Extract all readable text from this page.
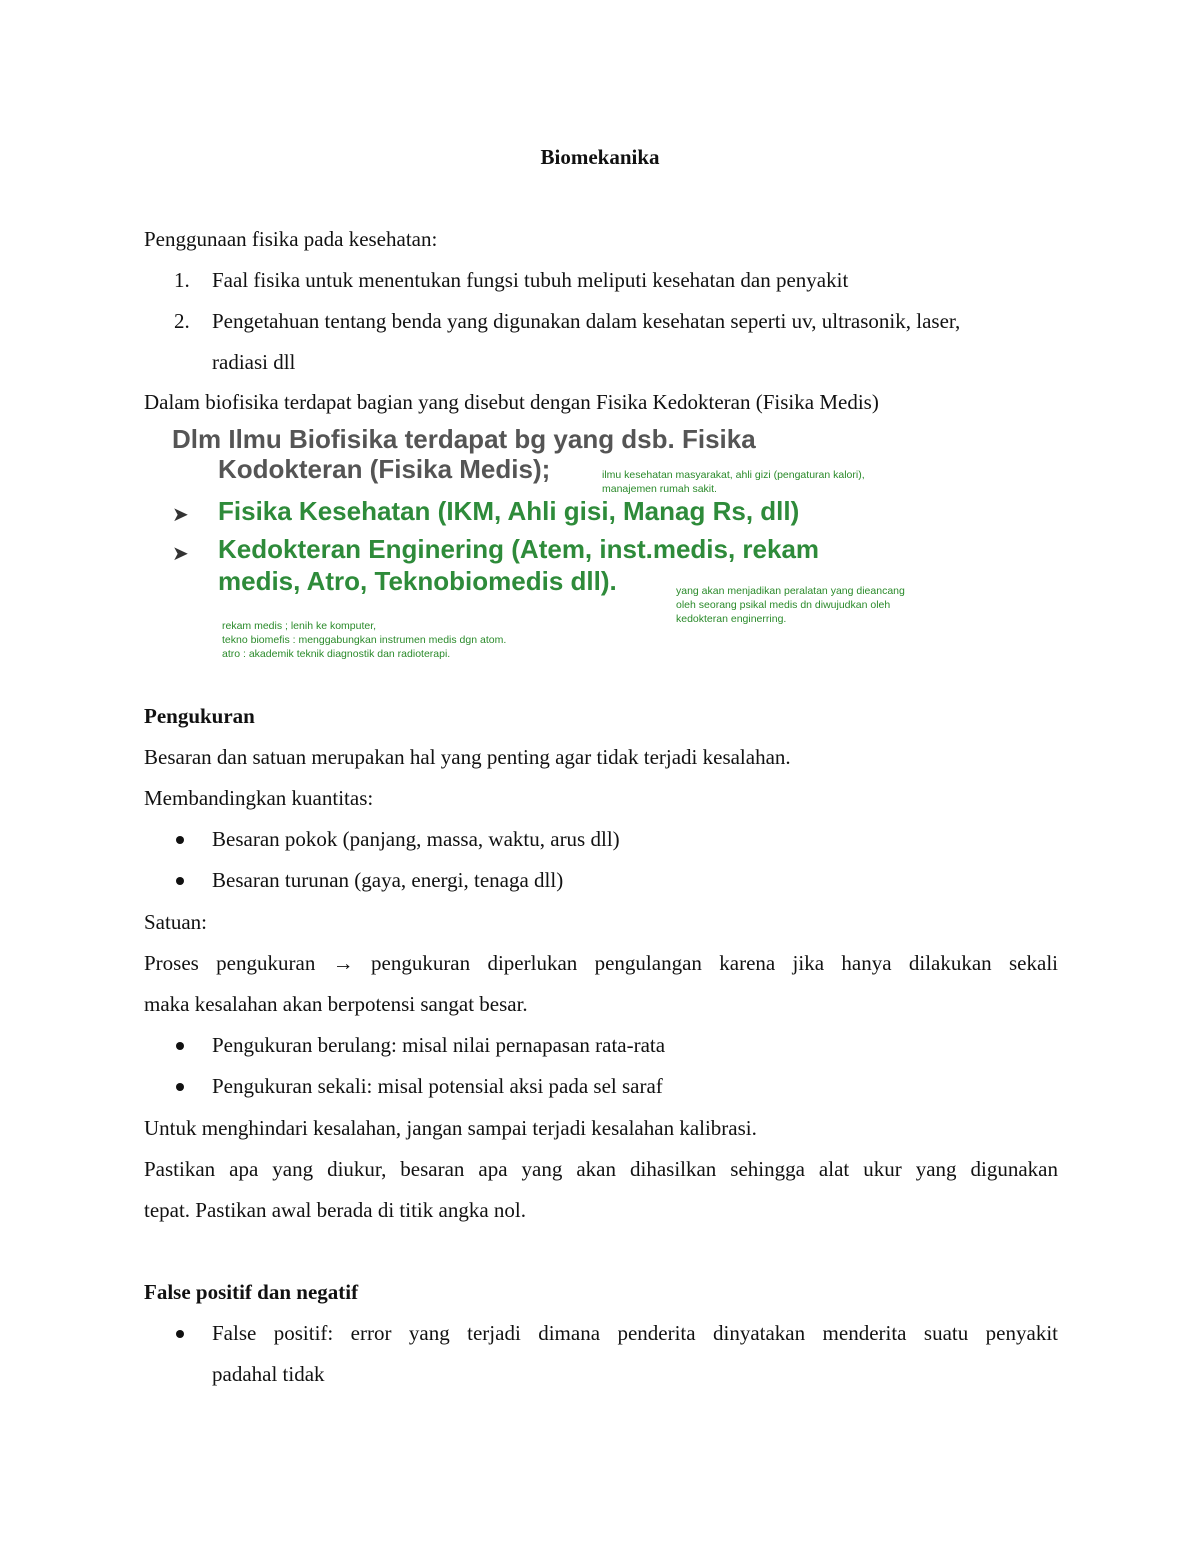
Biomekanika
Penggunaan fisika pada kesehatan:
1. Faal fisika untuk menentukan fungsi tubuh meliputi kesehatan dan penyakit
2. Pengetahuan tentang benda yang digunakan dalam kesehatan seperti uv, ultrasonik, laser,
radiasi dll
Dalam biofisika terdapat bagian yang disebut dengan Fisika Kedokteran (Fisika Medis)
Dlm Ilmu Biofisika terdapat bg yang dsb. Fisika
Kodokteran (Fisika Medis);	ilmu kesehatan masyarakat, ahli gizi (pengaturan kalori),
manajemen rumah sakit.
➤ Fisika Kesehatan (IKM, Ahli gisi, Manag Rs, dll)
➤ Kedokteran Enginering (Atem, inst.medis, rekam
medis, Atro, Teknobiomedis dll).	yang akan menjadikan peralatan yang dieancang
oleh seorang psikal medis dn diwujudkan oleh
kedokteran enginerring.
rekam medis ; lenih ke komputer,
tekno biomefis : menggabungkan instrumen medis dgn atom.
atro : akademik teknik diagnostik dan radioterapi.
Pengukuran
Besaran dan satuan merupakan hal yang penting agar tidak terjadi kesalahan.
Membandingkan kuantitas:
Besaran pokok (panjang, massa, waktu, arus dll)
Besaran turunan (gaya, energi, tenaga dll)
Satuan:
Proses pengukuran → pengukuran diperlukan pengulangan karena jika hanya dilakukan sekali
maka kesalahan akan berpotensi sangat besar.
Pengukuran berulang: misal nilai pernapasan rata-rata
Pengukuran sekali: misal potensial aksi pada sel saraf
Untuk menghindari kesalahan, jangan sampai terjadi kesalahan kalibrasi.
Pastikan apa yang diukur, besaran apa yang akan dihasilkan sehingga alat ukur yang digunakan
tepat. Pastikan awal berada di titik angka nol.
False positif dan negatif
False positif: error yang terjadi dimana penderita dinyatakan menderita suatu penyakit
padahal tidak
